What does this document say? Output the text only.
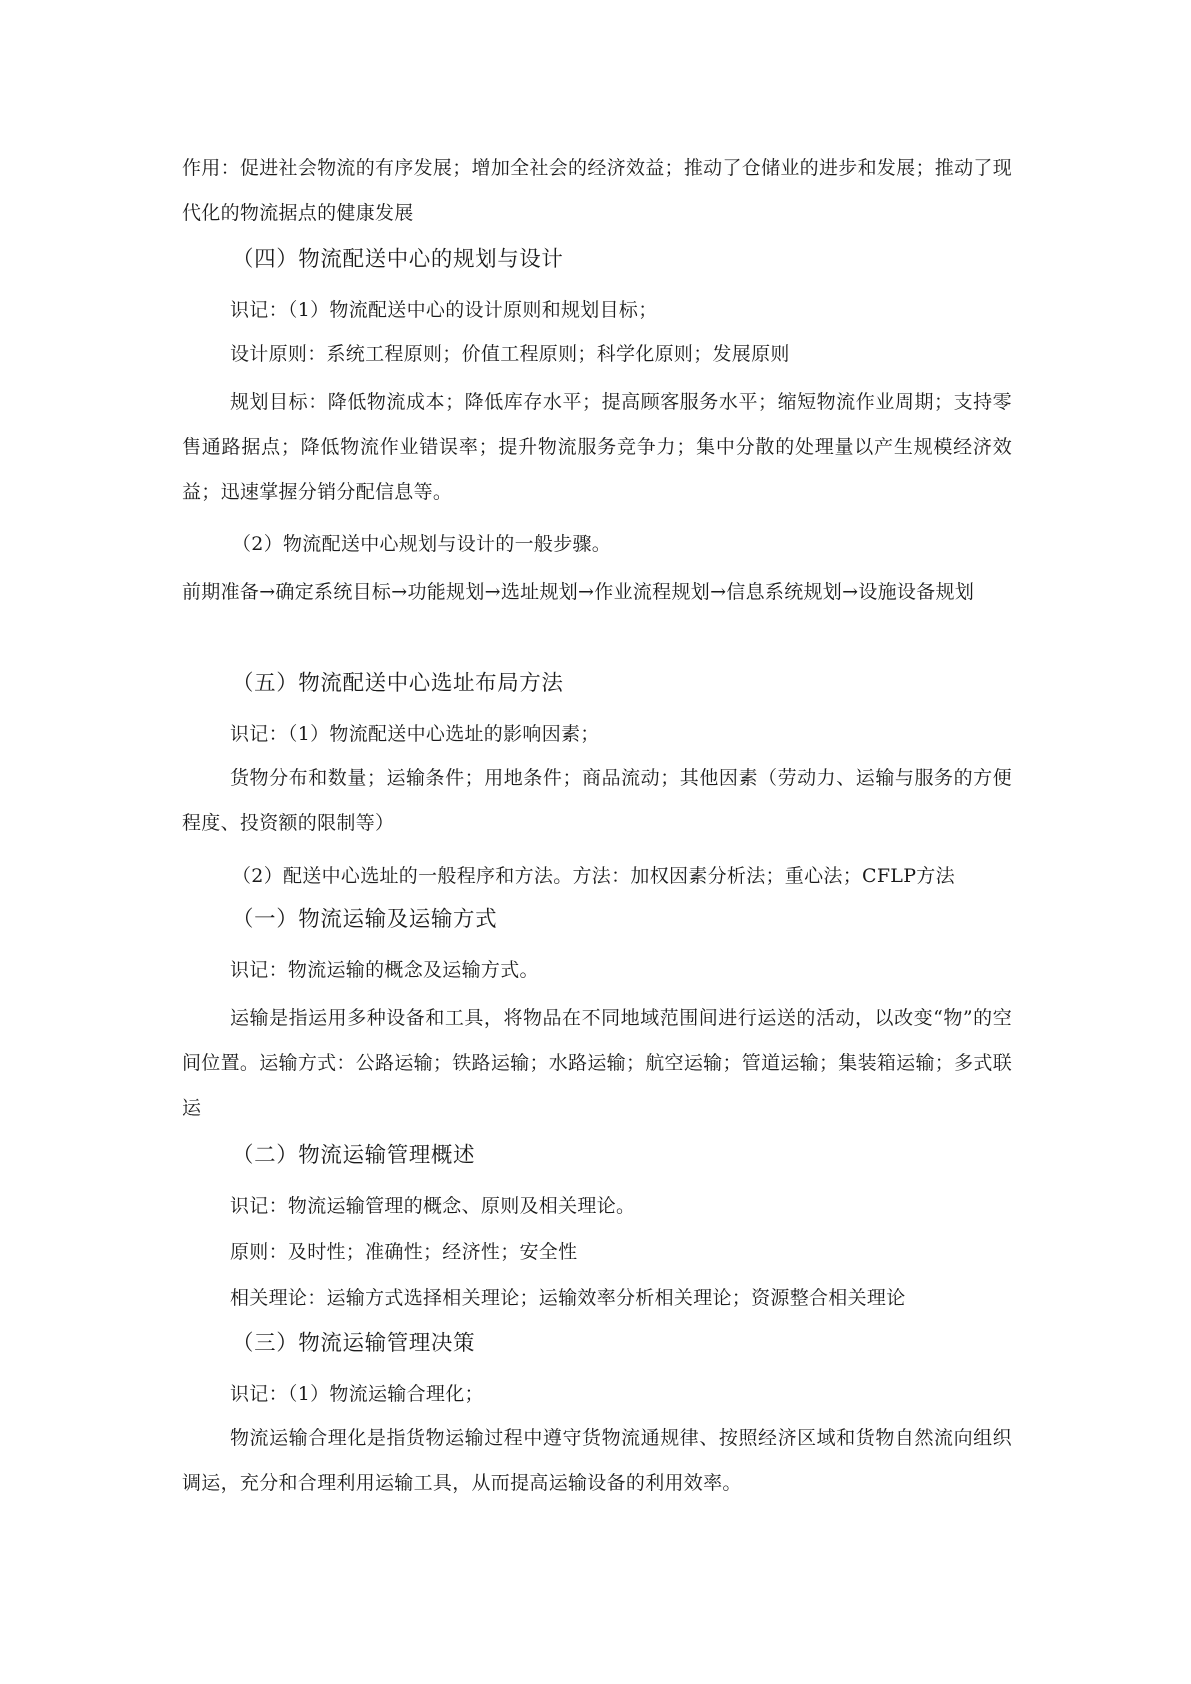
作用：促进社会物流的有序发展；增加全社会的经济效益；推动了仓储业的进步和发展；推动了现代化的物流据点的健康发展

（四）物流配送中心的规划与设计

识记：（1）物流配送中心的设计原则和规划目标；

设计原则：系统工程原则；价值工程原则；科学化原则；发展原则

规划目标：降低物流成本；降低库存水平；提高顾客服务水平；缩短物流作业周期；支持零售通路据点；降低物流作业错误率；提升物流服务竞争力；集中分散的处理量以产生规模经济效益；迅速掌握分销分配信息等。

（2）物流配送中心规划与设计的一般步骤。

前期准备→确定系统目标→功能规划→选址规划→作业流程规划→信息系统规划→设施设备规划

（五）物流配送中心选址布局方法

识记：（1）物流配送中心选址的影响因素；

货物分布和数量；运输条件；用地条件；商品流动；其他因素（劳动力、运输与服务的方便程度、投资额的限制等）

（2）配送中心选址的一般程序和方法。方法：加权因素分析法；重心法；CFLP方法

（一）物流运输及运输方式

识记：物流运输的概念及运输方式。

运输是指运用多种设备和工具，将物品在不同地域范围间进行运送的活动，以改变“物”的空间位置。运输方式：公路运输；铁路运输；水路运输；航空运输；管道运输；集装箱运输；多式联运

（二）物流运输管理概述

识记：物流运输管理的概念、原则及相关理论。

原则：及时性；准确性；经济性；安全性

相关理论：运输方式选择相关理论；运输效率分析相关理论；资源整合相关理论

（三）物流运输管理决策

识记：（1）物流运输合理化；

物流运输合理化是指货物运输过程中遵守货物流通规律、按照经济区域和货物自然流向组织调运，充分和合理利用运输工具，从而提高运输设备的利用效率。
